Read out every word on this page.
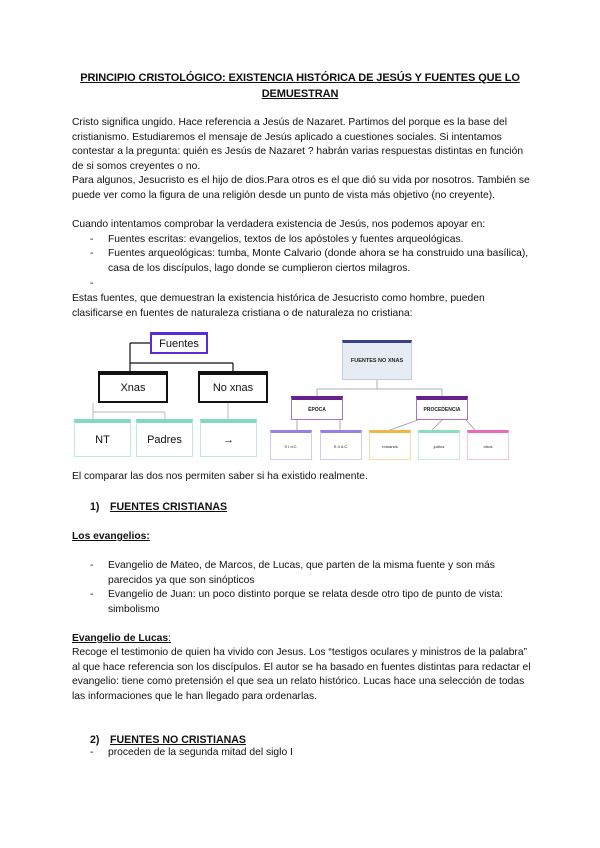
PRINCIPIO CRISTOLÓGICO: EXISTENCIA HISTÓRICA DE JESÚS Y FUENTES QUE LO DEMUESTRAN
Cristo significa ungido. Hace referencia a Jesús de Nazaret. Partimos del porque es la base del cristianismo. Estudiaremos el mensaje de Jesús aplicado a cuestiones sociales. Si intentamos contestar a la pregunta: quién es Jesús de Nazaret ? habrán varias respuestas distintas en función de si somos creyentes o no.
Para algunos, Jesucristo es el hijo de dios.Para otros es el que dió su vida por nosotros. También se puede ver como la figura de una religión desde un punto de vista más objetivo (no creyente).
Cuando intentamos comprobar la verdadera existencia de Jesús, nos podemos apoyar en:
- Fuentes escritas: evangelios, textos de los apóstoles y fuentes arqueológicas.
- Fuentes arqueológicas: tumba, Monte Calvario (donde ahora se ha construido una basílica), casa de los discípulos, lago donde se cumplieron ciertos milagros.
-
Estas fuentes, que demuestran la existencia histórica de Jesucristo como hombre, pueden clasificarse en fuentes de naturaleza cristiana o de naturaleza no cristiana:
Fuentes
Xnas	No xnas
NT	Padres	→
FUENTES NO XNAS
ÉPOCA	PROCEDENCIA
S I d.C.	S II d.C.	romanos	judíos	otros
El comparar las dos nos permiten saber si ha existido realmente.
1) FUENTES CRISTIANAS
Los evangelios:
- Evangelio de Mateo, de Marcos, de Lucas, que parten de la misma fuente y son más parecidos ya que son sinópticos
- Evangelio de Juan: un poco distinto porque se relata desde otro tipo de punto de vista: simbolismo
Evangelio de Lucas:
Recoge el testimonio de quien ha vivido con Jesus. Los “testigos oculares y ministros de la palabra” al que hace referencia son los discípulos. El autor se ha basado en fuentes distintas para redactar el evangelio: tiene como pretensión el que sea un relato histórico. Lucas hace una selección de todas las informaciones que le han llegado para ordenarlas.
2) FUENTES NO CRISTIANAS
- proceden de la segunda mitad del siglo I
